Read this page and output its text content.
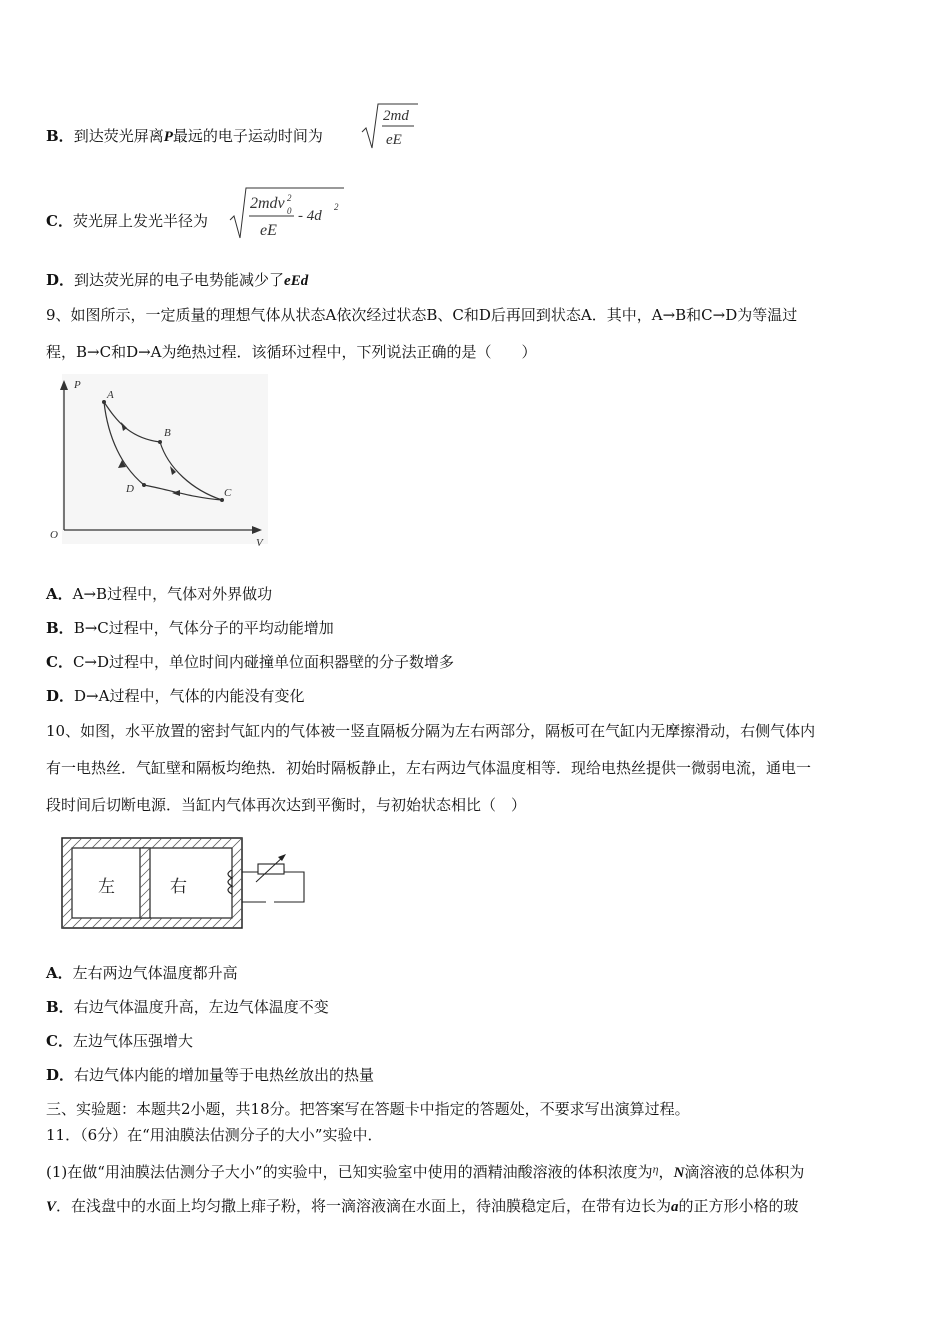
B．到达荧光屏离P最远的电子运动时间为
2md
eE
C．荧光屏上发光半径为
2mdv 0
2
eE
- 4d
2
D．到达荧光屏的电子电势能减少了eEd
9、如图所示，一定质量的理想气体从状态A依次经过状态B、C和D后再回到状态A．其中，A→B和C→D为等温过
程，B→C和D→A为绝热过程．该循环过程中，下列说法正确的是（　　）
P
V
O
A
B
C
D
A．A→B过程中，气体对外界做功
B．B→C过程中，气体分子的平均动能增加
C．C→D过程中，单位时间内碰撞单位面积器壁的分子数增多
D．D→A过程中，气体的内能没有变化
10、如图，水平放置的密封气缸内的气体被一竖直隔板分隔为左右两部分，隔板可在气缸内无摩擦滑动，右侧气体内
有一电热丝．气缸壁和隔板均绝热．初始时隔板静止，左右两边气体温度相等．现给电热丝提供一微弱电流，通电一
段时间后切断电源．当缸内气体再次达到平衡时，与初始状态相比（　）
左	右
A．左右两边气体温度都升高
B．右边气体温度升高，左边气体温度不变
C．左边气体压强增大
D．右边气体内能的增加量等于电热丝放出的热量
三、实验题：本题共2小题，共18分。把答案写在答题卡中指定的答题处，不要求写出演算过程。
11．（6分）在“用油膜法估测分子的大小”实验中．
(1)在做“用油膜法估测分子大小”的实验中，已知实验室中使用的酒精油酸溶液的体积浓度为$^\eta$，N滴溶液的总体积为
V．在浅盘中的水面上均匀撒上痱子粉，将一滴溶液滴在水面上，待油膜稳定后，在带有边长为a的正方形小格的玻
